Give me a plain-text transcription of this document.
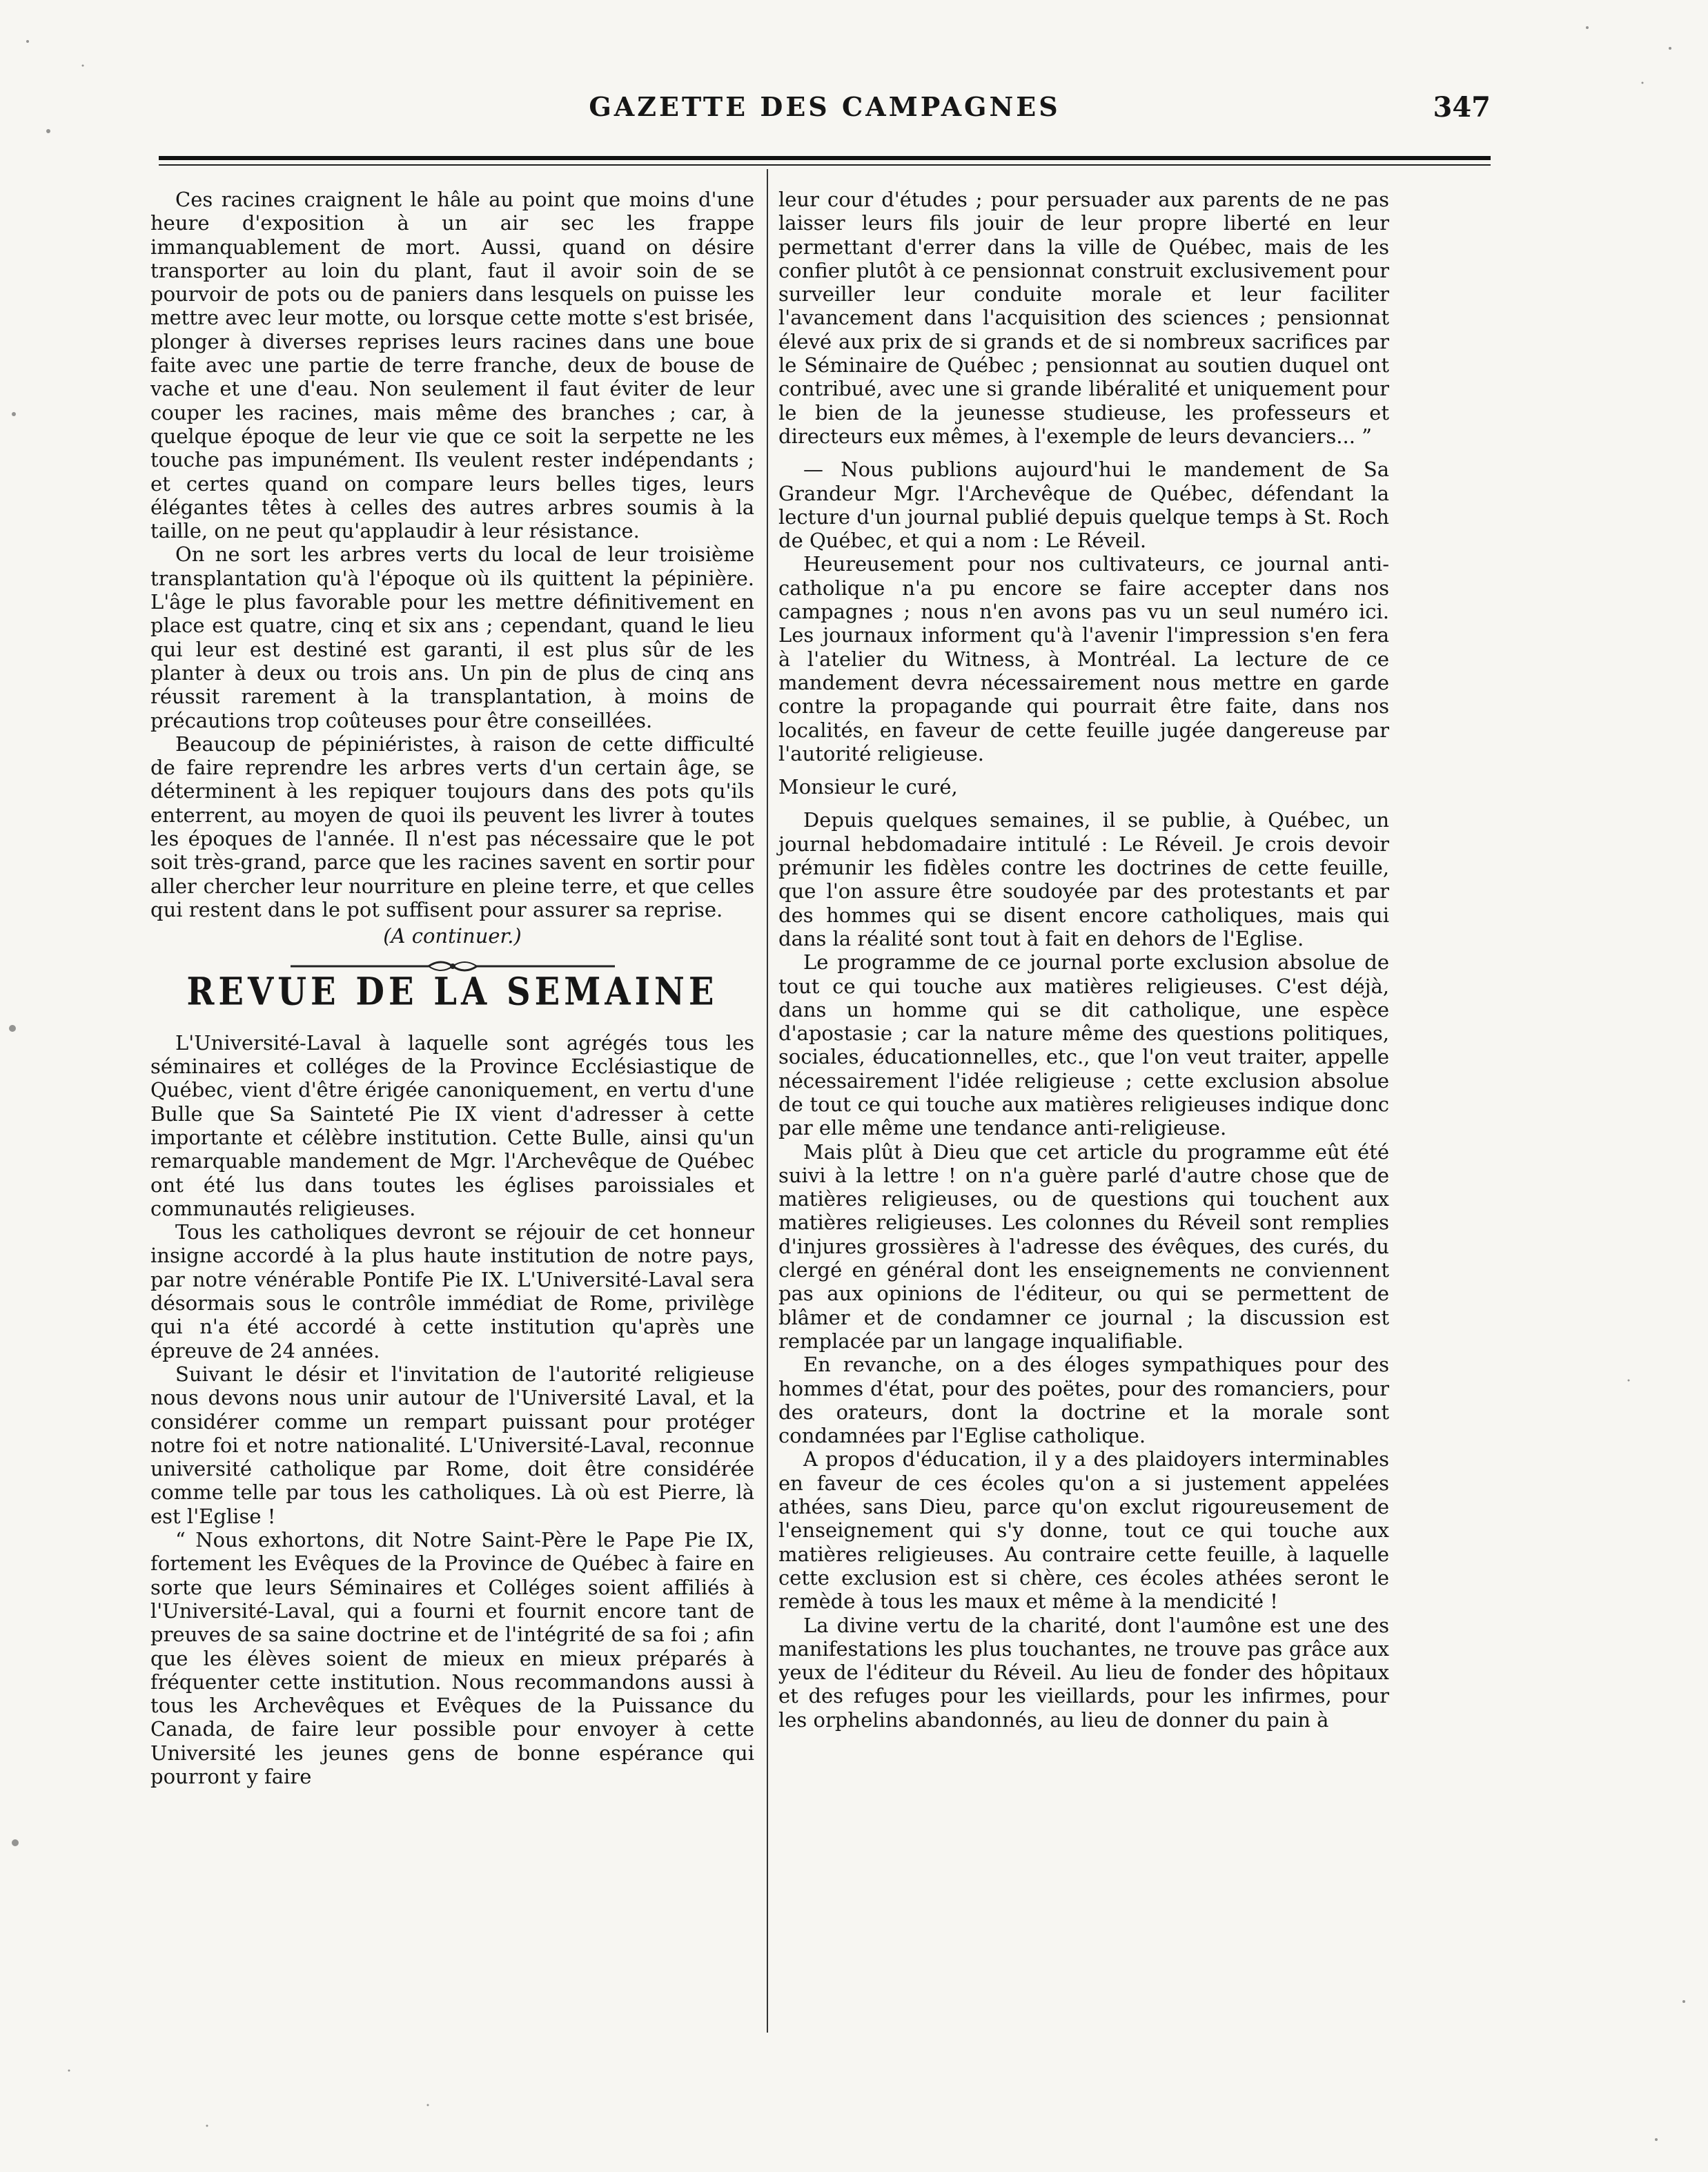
GAZETTE DES CAMPAGNES	347

Ces racines craignent le hâle au point que moins d'une heure d'exposition à un air sec les frappe immanquablement de mort. Aussi, quand on désire transporter au loin du plant, faut il avoir soin de se pourvoir de pots ou de paniers dans lesquels on puisse les mettre avec leur motte, ou lorsque cette motte s'est brisée, plonger à diverses reprises leurs racines dans une boue faite avec une partie de terre franche, deux de bouse de vache et une d'eau. Non seulement il faut éviter de leur couper les racines, mais même des branches ; car, à quelque époque de leur vie que ce soit la serpette ne les touche pas impunément. Ils veulent rester indépendants ; et certes quand on compare leurs belles tiges, leurs élégantes têtes à celles des autres arbres soumis à la taille, on ne peut qu'applaudir à leur résistance.

On ne sort les arbres verts du local de leur troisième transplantation qu'à l'époque où ils quittent la pépinière. L'âge le plus favorable pour les mettre définitivement en place est quatre, cinq et six ans ; cependant, quand le lieu qui leur est destiné est garanti, il est plus sûr de les planter à deux ou trois ans. Un pin de plus de cinq ans réussit rarement à la transplantation, à moins de précautions trop coûteuses pour être conseillées.

Beaucoup de pépiniéristes, à raison de cette difficulté de faire reprendre les arbres verts d'un certain âge, se déterminent à les repiquer toujours dans des pots qu'ils enterrent, au moyen de quoi ils peuvent les livrer à toutes les époques de l'année. Il n'est pas nécessaire que le pot soit très-grand, parce que les racines savent en sortir pour aller chercher leur nourriture en pleine terre, et que celles qui restent dans le pot suffisent pour assurer sa reprise.

(A continuer.)
REVUE DE LA SEMAINE

L'Université-Laval à laquelle sont agrégés tous les séminaires et colléges de la Province Ecclésiastique de Québec, vient d'être érigée canoniquement, en vertu d'une Bulle que Sa Sainteté Pie IX vient d'adresser à cette importante et célèbre institution. Cette Bulle, ainsi qu'un remarquable mandement de Mgr. l'Archevêque de Québec ont été lus dans toutes les églises paroissiales et communautés religieuses.

Tous les catholiques devront se réjouir de cet honneur insigne accordé à la plus haute institution de notre pays, par notre vénérable Pontife Pie IX. L'Université-Laval sera désormais sous le contrôle immédiat de Rome, privilège qui n'a été accordé à cette institution qu'après une épreuve de 24 années.

Suivant le désir et l'invitation de l'autorité religieuse nous devons nous unir autour de l'Université Laval, et la considérer comme un rempart puissant pour protéger notre foi et notre nationalité. L'Université-Laval, reconnue université catholique par Rome, doit être considérée comme telle par tous les catholiques. Là où est Pierre, là est l'Eglise !

“ Nous exhortons, dit Notre Saint-Père le Pape Pie IX, fortement les Evêques de la Province de Québec à faire en sorte que leurs Séminaires et Colléges soient affiliés à l'Université-Laval, qui a fourni et fournit encore tant de preuves de sa saine doctrine et de l'intégrité de sa foi ; afin que les élèves soient de mieux en mieux préparés à fréquenter cette institution. Nous recommandons aussi à tous les Archevêques et Evêques de la Puissance du Canada, de faire leur possible pour envoyer à cette Université les jeunes gens de bonne espérance qui pourront y faire

leur cour d'études ; pour persuader aux parents de ne pas laisser leurs fils jouir de leur propre liberté en leur permettant d'errer dans la ville de Québec, mais de les confier plutôt à ce pensionnat construit exclusivement pour surveiller leur conduite morale et leur faciliter l'avancement dans l'acquisition des sciences ; pensionnat élevé aux prix de si grands et de si nombreux sacrifices par le Séminaire de Québec ; pensionnat au soutien duquel ont contribué, avec une si grande libéralité et uniquement pour le bien de la jeunesse studieuse, les professeurs et directeurs eux mêmes, à l'exemple de leurs devanciers... ”

— Nous publions aujourd'hui le mandement de Sa Grandeur Mgr. l'Archevêque de Québec, défendant la lecture d'un journal publié depuis quelque temps à St. Roch de Québec, et qui a nom : Le Réveil.

Heureusement pour nos cultivateurs, ce journal anti-catholique n'a pu encore se faire accepter dans nos campagnes ; nous n'en avons pas vu un seul numéro ici. Les journaux informent qu'à l'avenir l'impression s'en fera à l'atelier du Witness, à Montréal. La lecture de ce mandement devra nécessairement nous mettre en garde contre la propagande qui pourrait être faite, dans nos localités, en faveur de cette feuille jugée dangereuse par l'autorité religieuse.

Monsieur le curé,

Depuis quelques semaines, il se publie, à Québec, un journal hebdomadaire intitulé : Le Réveil. Je crois devoir prémunir les fidèles contre les doctrines de cette feuille, que l'on assure être soudoyée par des protestants et par des hommes qui se disent encore catholiques, mais qui dans la réalité sont tout à fait en dehors de l'Eglise.

Le programme de ce journal porte exclusion absolue de tout ce qui touche aux matières religieuses. C'est déjà, dans un homme qui se dit catholique, une espèce d'apostasie ; car la nature même des questions politiques, sociales, éducationnelles, etc., que l'on veut traiter, appelle nécessairement l'idée religieuse ; cette exclusion absolue de tout ce qui touche aux matières religieuses indique donc par elle même une tendance anti-religieuse.

Mais plût à Dieu que cet article du programme eût été suivi à la lettre ! on n'a guère parlé d'autre chose que de matières religieuses, ou de questions qui touchent aux matières religieuses. Les colonnes du Réveil sont remplies d'injures grossières à l'adresse des évêques, des curés, du clergé en général dont les enseignements ne conviennent pas aux opinions de l'éditeur, ou qui se permettent de blâmer et de condamner ce journal ; la discussion est remplacée par un langage inqualifiable.

En revanche, on a des éloges sympathiques pour des hommes d'état, pour des poëtes, pour des romanciers, pour des orateurs, dont la doctrine et la morale sont condamnées par l'Eglise catholique.

A propos d'éducation, il y a des plaidoyers interminables en faveur de ces écoles qu'on a si justement appelées athées, sans Dieu, parce qu'on exclut rigoureusement de l'enseignement qui s'y donne, tout ce qui touche aux matières religieuses. Au contraire cette feuille, à laquelle cette exclusion est si chère, ces écoles athées seront le remède à tous les maux et même à la mendicité !

La divine vertu de la charité, dont l'aumône est une des manifestations les plus touchantes, ne trouve pas grâce aux yeux de l'éditeur du Réveil. Au lieu de fonder des hôpitaux et des refuges pour les vieillards, pour les infirmes, pour les orphelins abandonnés, au lieu de donner du pain à
